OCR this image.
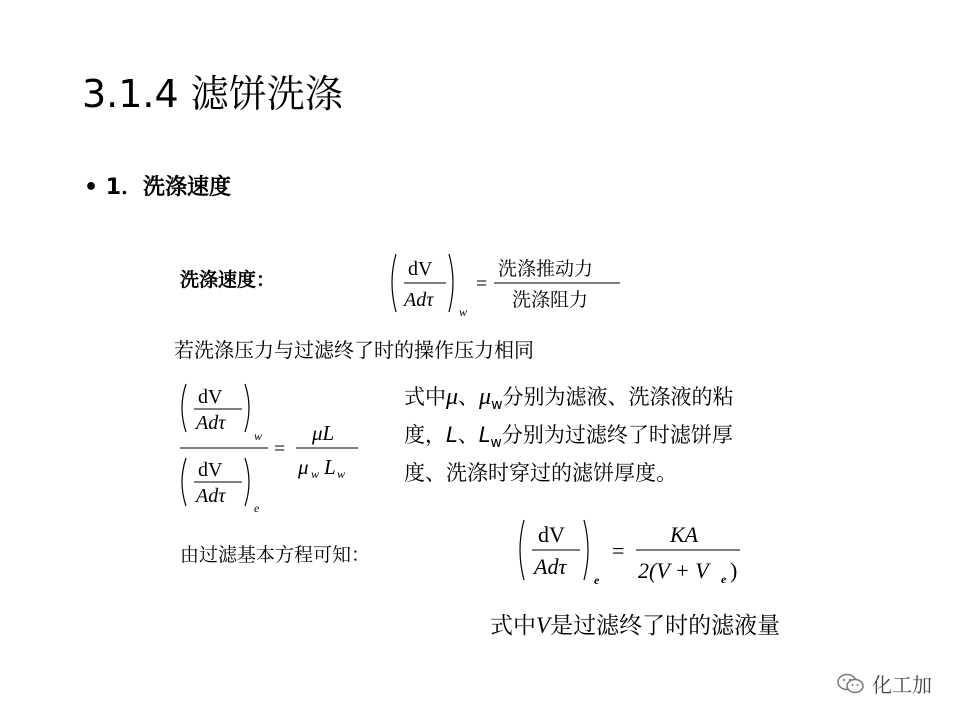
3.1.4 滤饼洗涤
• 1．洗涤速度
洗涤速度：	dV
Adτ
w
=
洗涤推动力
洗涤阻力
若洗涤压力与过滤终了时的操作压力相同
dV
Adτ
w
dV
Adτ
e
=
μL
μ w L w
式中μ、$\mu_w$分别为滤液、洗涤液的粘度，L、$L_w$分别为过滤终了时滤饼厚度、洗涤时穿过的滤饼厚度。
由过滤基本方程可知：
dV
Adτ
e
=
KA
2(V + V e )
式中V是过滤终了时的滤液量
化工加
